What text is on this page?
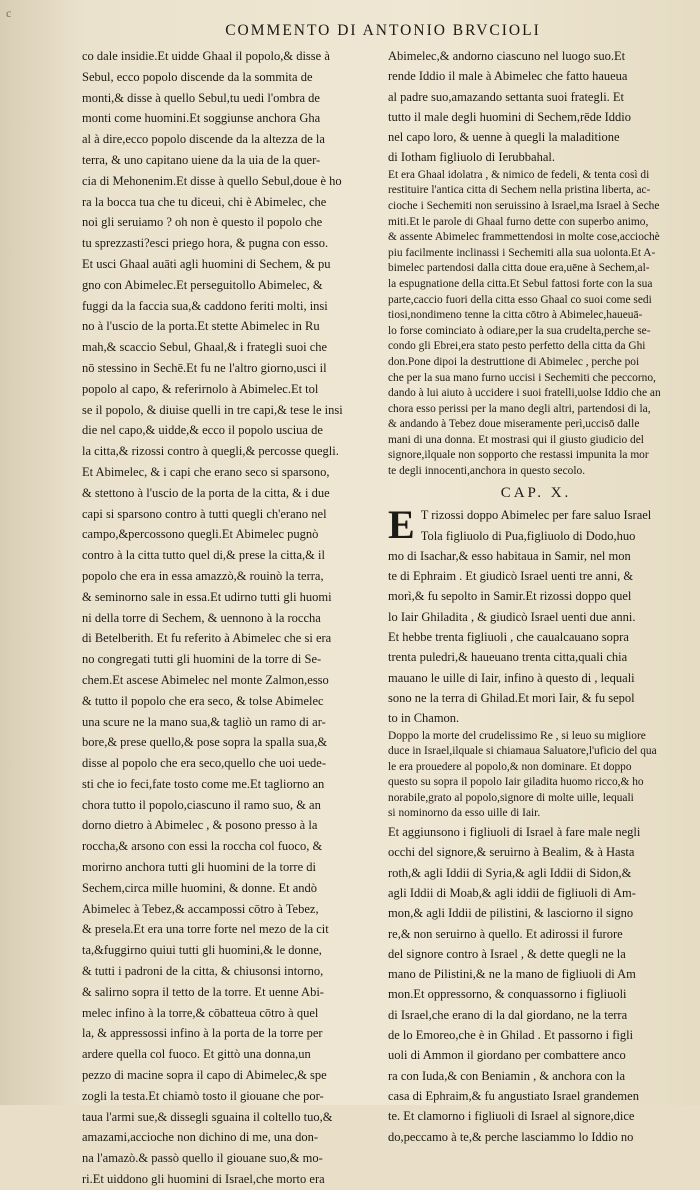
c
COMMENTO DI ANTONIO BRVCIOLI
co dale insidie.Et uidde Ghaal il popolo,& disse à
Sebul, ecco popolo discende da la sommita de
monti,& disse à quello Sebul,tu uedi l'ombra de
monti come huomini.Et soggiunse anchora Gha
al à dire,ecco popolo discende da la altezza de la
terra, & uno capitano uiene da la uia de la quer-
cia di Mehonenim.Et disse à quello Sebul,doue è ho
ra la bocca tua che tu diceui, chi è Abimelec, che
noi gli seruiamo ? oh non è questo il popolo che
tu sprezzasti?esci priego hora, & pugna con esso.
Et usci Ghaal auāti agli huomini di Sechem, & pu
gno con Abimelec.Et perseguitollo Abimelec, &
fuggi da la faccia sua,& caddono feriti molti, insi
no à l'uscio de la porta.Et stette Abimelec in Ru
mah,& scaccio Sebul, Ghaal,& i frategli suoi che
nō stessino in Sechē.Et fu ne l'altro giorno,usci il
popolo al capo, & referirnolo à Abimelec.Et tol
se il popolo, & diuise quelli in tre capi,& tese le insi
die nel capo,& uidde,& ecco il popolo usciua de
la citta,& rizossi contro à quegli,& percosse quegli.
Et Abimelec, & i capi che erano seco si sparsono,
& stettono à l'uscio de la porta de la citta, & i due
capi si sparsono contro à tutti quegli ch'erano nel
campo,&percossono quegli.Et Abimelec pugnò
contro à la citta tutto quel di,& prese la citta,& il
popolo che era in essa amazzò,& rouinò la terra,
& seminorno sale in essa.Et udirno tutti gli huomi
ni della torre di Sechem, & uennono à la roccha
di Betelberith. Et fu referito à Abimelec che si era
no congregati tutti gli huomini de la torre di Se-
chem.Et ascese Abimelec nel monte Zalmon,esso
& tutto il popolo che era seco, & tolse Abimelec
una scure ne la mano sua,& tagliò un ramo di ar-
bore,& prese quello,& pose sopra la spalla sua,&
disse al popolo che era seco,quello che uoi uede-
sti che io feci,fate tosto come me.Et tagliorno an
chora tutto il popolo,ciascuno il ramo suo, & an
dorno dietro à Abimelec , & posono presso à la
roccha,& arsono con essi la roccha col fuoco, &
morirno anchora tutti gli huomini de la torre di
Sechem,circa mille huomini, & donne. Et andò
Abimelec à Tebez,& accampossi cōtro à Tebez,
& presela.Et era una torre forte nel mezo de la cit
ta,&fuggirno quiui tutti gli huomini,& le donne,
& tutti i padroni de la citta, & chiusonsi intorno,
& salirno sopra il tetto de la torre. Et uenne Abi-
melec infino à la torre,& cōbatteua cōtro à quel
la, & appressossi infino à la porta de la torre per
ardere quella col fuoco. Et gittò una donna,un
pezzo di macine sopra il capo di Abimelec,& spe
zogli la testa.Et chiamò tosto il giouane che por-
taua l'armi sue,& dissegli sguaina il coltello tuo,&
amazami,accioche non dichino di me, una don-
na l'amazò.& passò quello il giouane suo,& mo-
ri.Et uiddono gli huomini di Israel,che morto era
Abimelec,& andorno ciascuno nel luogo suo.Et
rende Iddio il male à Abimelec che fatto haueua
al padre suo,amazando settanta suoi frategli. Et
tutto il male degli huomini di Sechem,rēde Iddio
nel capo loro, & uenne à quegli la maladitione
di Iotham figliuolo di Ierubbahal.
Et era Ghaal idolatra , & nimico de fedeli, & tenta così di
restituire l'antica citta di Sechem nella pristina liberta, ac-
cioche i Sechemiti non seruissino à Israel,ma Israel à Seche
miti.Et le parole di Ghaal furno dette con superbo animo,
& assente Abimelec frammettendosi in molte cose,acciochè
piu facilmente inclinassi i Sechemiti alla sua uolonta.Et A-
bimelec partendosi dalla citta doue era,uēne à Sechem,al-
la espugnatione della citta.Et Sebul fattosi forte con la sua
parte,caccio fuori della citta esso Ghaal co suoi come sedi
tiosi,nondimeno tenne la citta cōtro à Abimelec,haueuā-
lo forse cominciato à odiare,per la sua crudelta,perche se-
condo gli Ebrei,era stato pesto perfetto della citta da Ghi
don.Pone dipoi la destruttione di Abimelec , perche poi
che per la sua mano furno uccisi i Sechemiti che peccorno,
dando à lui aiuto à uccidere i suoi fratelli,uolse Iddio che an
chora esso perissi per la mano degli altri, partendosi di la,
& andando à Tebez doue miseramente perì,uccisō dalle
mani di una donna. Et mostrasi qui il giusto giudicio del
signore,ilquale non sopporto che restassi impunita la mor
te degli innocenti,anchora in questo secolo.
CAP. X.
E T rizossi doppo Abimelec per fare saluo Israel
Tola figliuolo di Pua,figliuolo di Dodo,huo
mo di Isachar,& esso habitaua in Samir, nel mon
te di Ephraim . Et giudicò Israel uenti tre anni, &
morì,& fu sepolto in Samir.Et rizossi doppo quel
lo Iair Ghiladita , & giudicò Israel uenti due anni.
Et hebbe trenta figliuoli , che caualcauano sopra
trenta puledri,& haueuano trenta citta,quali chia
mauano le uille di Iair, infino à questo di , lequali
sono ne la terra di Ghilad.Et mori Iair, & fu sepol
to in Chamon.
Doppo la morte del crudelissimo Re , si leuo su migliore
duce in Israel,ilquale si chiamaua Saluatore,l'uficio del qua
le era prouedere al popolo,& non dominare. Et doppo
questo su sopra il popolo Iair giladita huomo ricco,& ho
norabile,grato al popolo,signore di molte uille, lequali
si nominorno da esso uille di Iair.
Et aggiunsono i figliuoli di Israel à fare male negli
occhi del signore,& seruirno à Bealim, & à Hasta
roth,& agli Iddii di Syria,& agli Iddii di Sidon,&
agli Iddii di Moab,& agli iddii de figliuoli di Am-
mon,& agli Iddii de pilistini, & lasciorno il signo
re,& non seruirno à quello. Et adirossi il furore
del signore contro à Israel , & dette quegli ne la
mano de Pilistini,& ne la mano de figliuoli di Am
mon.Et oppressorno, & conquassorno i figliuoli
di Israel,che erano di la dal giordano, ne la terra
de lo Emoreo,che è in Ghilad . Et passorno i figli
uoli di Ammon il giordano per combattere anco
ra con Iuda,& con Beniamin , & anchora con la
casa di Ephraim,& fu angustiato Israel grandemen
te. Et clamorno i figliuoli di Israel al signore,dice
do,peccamo à te,& perche lasciammo lo Iddio no
